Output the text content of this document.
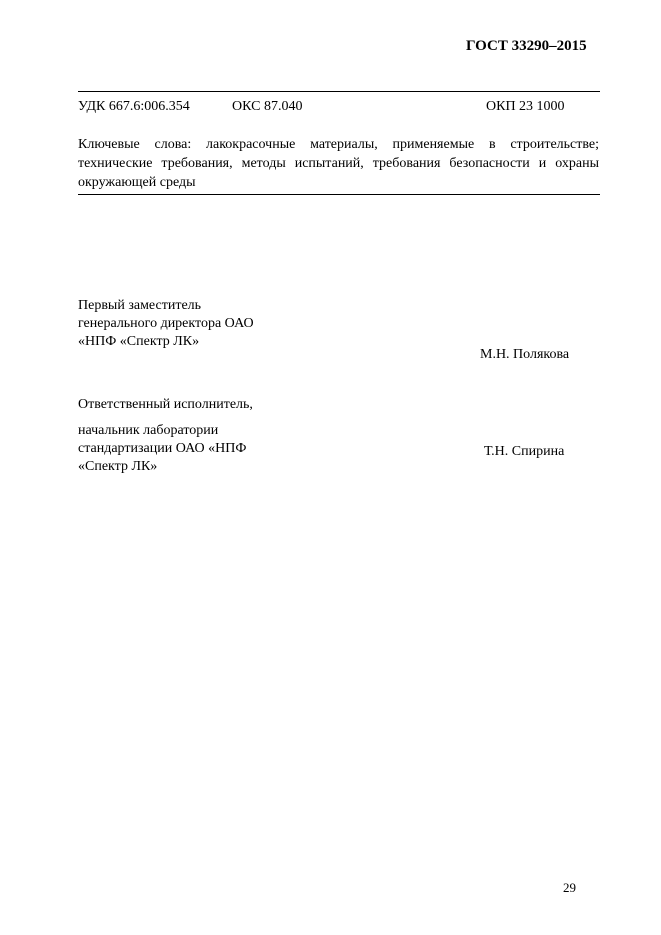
ГОСТ 33290–2015
УДК 667.6:006.354	ОКС 87.040	ОКП 23 1000
Ключевые слова: лакокрасочные материалы, применяемые в строительстве; технические требования, методы испытаний, требования безопасности и охраны окружающей среды
Первый заместитель
генерального директора ОАО
«НПФ «Спектр ЛК»
М.Н. Полякова
Ответственный исполнитель,
начальник лаборатории
стандартизации ОАО «НПФ
«Спектр ЛК»
Т.Н. Спирина
29
